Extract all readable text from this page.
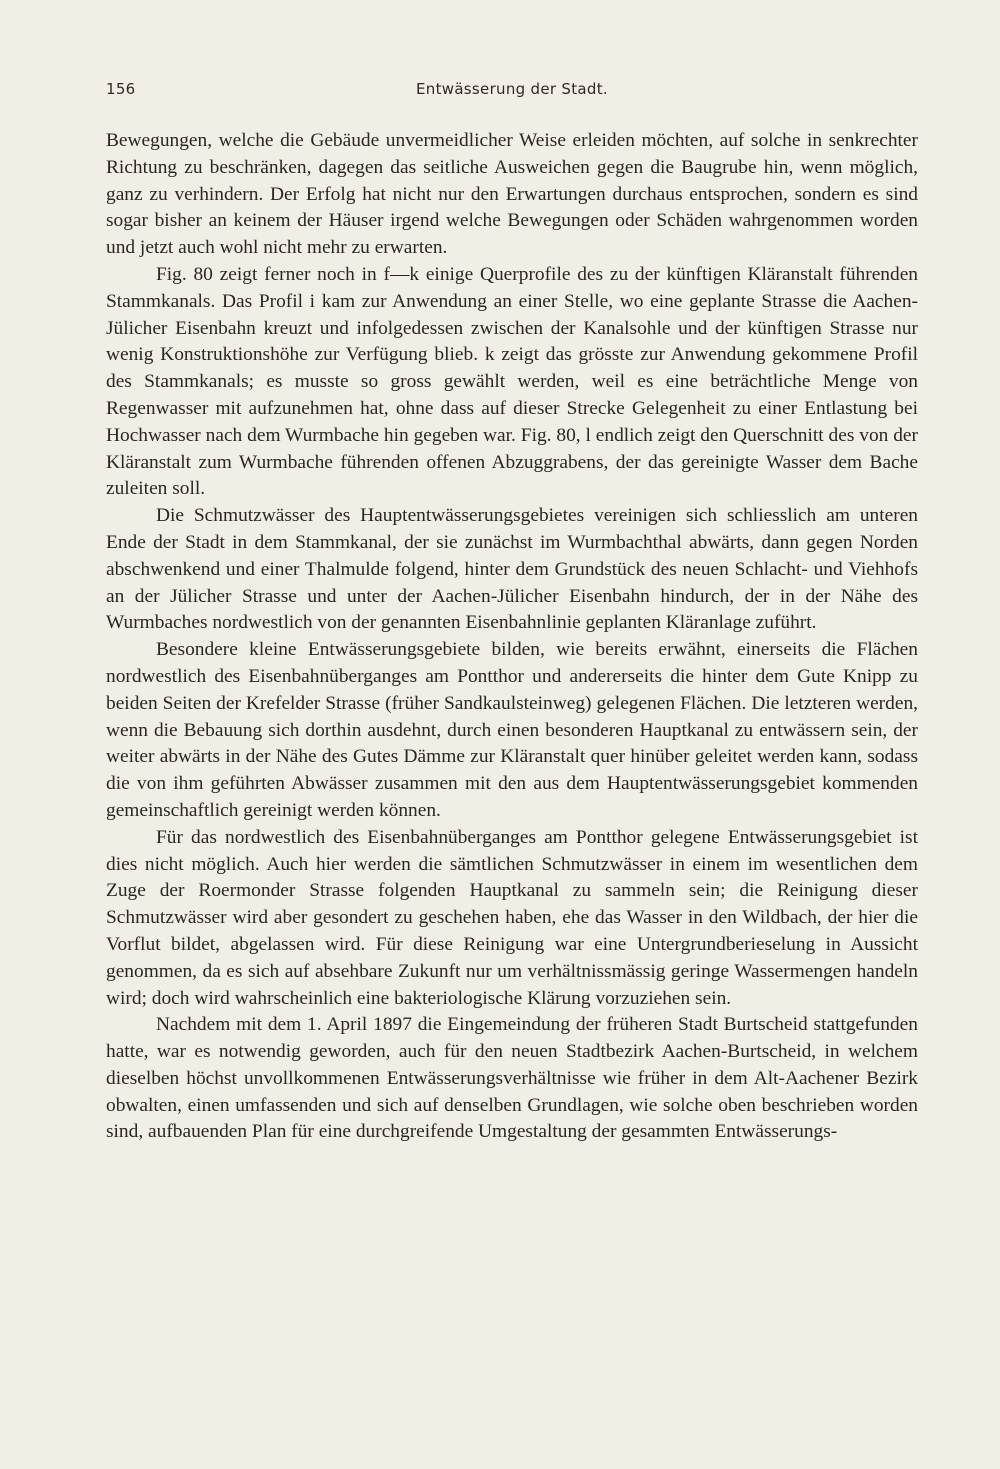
156	Entwässerung der Stadt.

Bewegungen, welche die Gebäude unvermeidlicher Weise erleiden möchten, auf solche in senkrechter Richtung zu beschränken, dagegen das seitliche Ausweichen gegen die Baugrube hin, wenn möglich, ganz zu verhindern. Der Erfolg hat nicht nur den Erwartungen durchaus entsprochen, sondern es sind sogar bisher an keinem der Häuser irgend welche Bewegungen oder Schäden wahrgenommen worden und jetzt auch wohl nicht mehr zu erwarten.

Fig. 80 zeigt ferner noch in f—k einige Querprofile des zu der künftigen Kläranstalt führenden Stammkanals. Das Profil i kam zur Anwendung an einer Stelle, wo eine geplante Strasse die Aachen-Jülicher Eisenbahn kreuzt und infolgedessen zwischen der Kanalsohle und der künftigen Strasse nur wenig Konstruktionshöhe zur Verfügung blieb. k zeigt das grösste zur Anwendung gekommene Profil des Stammkanals; es musste so gross gewählt werden, weil es eine beträchtliche Menge von Regenwasser mit aufzunehmen hat, ohne dass auf dieser Strecke Gelegenheit zu einer Entlastung bei Hochwasser nach dem Wurmbache hin gegeben war. Fig. 80, l endlich zeigt den Querschnitt des von der Kläranstalt zum Wurmbache führenden offenen Abzuggrabens, der das gereinigte Wasser dem Bache zuleiten soll.

Die Schmutzwässer des Hauptentwässerungsgebietes vereinigen sich schliesslich am unteren Ende der Stadt in dem Stammkanal, der sie zunächst im Wurmbachthal abwärts, dann gegen Norden abschwenkend und einer Thalmulde folgend, hinter dem Grundstück des neuen Schlacht- und Viehhofs an der Jülicher Strasse und unter der Aachen-Jülicher Eisenbahn hindurch, der in der Nähe des Wurmbaches nordwestlich von der genannten Eisenbahnlinie geplanten Kläranlage zuführt.

Besondere kleine Entwässerungsgebiete bilden, wie bereits erwähnt, einerseits die Flächen nordwestlich des Eisenbahnüberganges am Pontthor und andererseits die hinter dem Gute Knipp zu beiden Seiten der Krefelder Strasse (früher Sandkaulsteinweg) gelegenen Flächen. Die letzteren werden, wenn die Bebauung sich dorthin ausdehnt, durch einen besonderen Hauptkanal zu entwässern sein, der weiter abwärts in der Nähe des Gutes Dämme zur Kläranstalt quer hinüber geleitet werden kann, sodass die von ihm geführten Abwässer zusammen mit den aus dem Hauptentwässerungsgebiet kommenden gemeinschaftlich gereinigt werden können.

Für das nordwestlich des Eisenbahnüberganges am Pontthor gelegene Entwässerungsgebiet ist dies nicht möglich. Auch hier werden die sämtlichen Schmutzwässer in einem im wesentlichen dem Zuge der Roermonder Strasse folgenden Hauptkanal zu sammeln sein; die Reinigung dieser Schmutzwässer wird aber gesondert zu geschehen haben, ehe das Wasser in den Wildbach, der hier die Vorflut bildet, abgelassen wird. Für diese Reinigung war eine Untergrundberieselung in Aussicht genommen, da es sich auf absehbare Zukunft nur um verhältnissmässig geringe Wassermengen handeln wird; doch wird wahrscheinlich eine bakteriologische Klärung vorzuziehen sein.

Nachdem mit dem 1. April 1897 die Eingemeindung der früheren Stadt Burtscheid stattgefunden hatte, war es notwendig geworden, auch für den neuen Stadtbezirk Aachen-Burtscheid, in welchem dieselben höchst unvollkommenen Entwässerungsverhältnisse wie früher in dem Alt-Aachener Bezirk obwalten, einen umfassenden und sich auf denselben Grundlagen, wie solche oben beschrieben worden sind, aufbauenden Plan für eine durchgreifende Umgestaltung der gesammten Entwässerungs-
